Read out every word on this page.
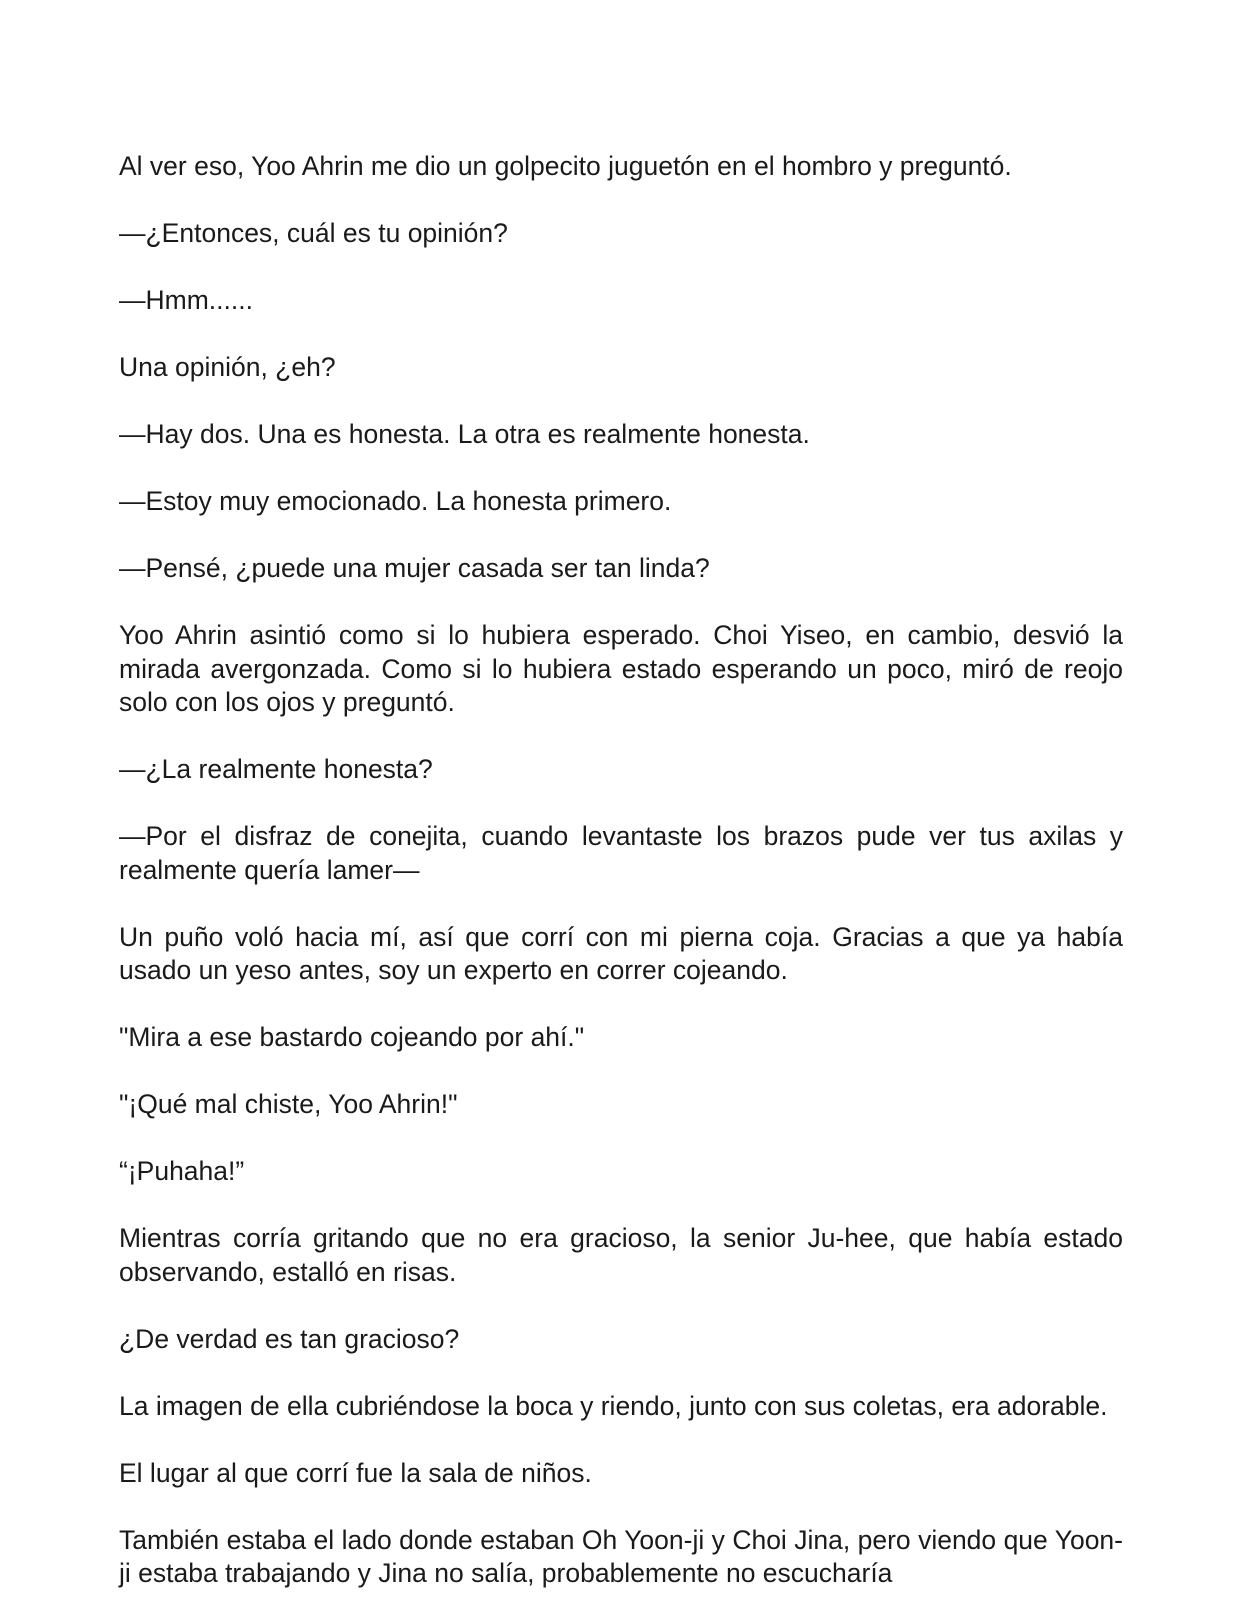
Al ver eso, Yoo Ahrin me dio un golpecito juguetón en el hombro y preguntó.

—¿Entonces, cuál es tu opinión?

—Hmm......

Una opinión, ¿eh?

—Hay dos. Una es honesta. La otra es realmente honesta.

—Estoy muy emocionado. La honesta primero.

—Pensé, ¿puede una mujer casada ser tan linda?

Yoo Ahrin asintió como si lo hubiera esperado. Choi Yiseo, en cambio, desvió la mirada avergonzada. Como si lo hubiera estado esperando un poco, miró de reojo solo con los ojos y preguntó.

—¿La realmente honesta?

—Por el disfraz de conejita, cuando levantaste los brazos pude ver tus axilas y realmente quería lamer—

Un puño voló hacia mí, así que corrí con mi pierna coja. Gracias a que ya había usado un yeso antes, soy un experto en correr cojeando.

"Mira a ese bastardo cojeando por ahí."

"¡Qué mal chiste, Yoo Ahrin!"

“¡Puhaha!”

Mientras corría gritando que no era gracioso, la senior Ju-hee, que había estado observando, estalló en risas.

¿De verdad es tan gracioso?

La imagen de ella cubriéndose la boca y riendo, junto con sus coletas, era adorable.

El lugar al que corrí fue la sala de niños.

También estaba el lado donde estaban Oh Yoon-ji y Choi Jina, pero viendo que Yoon-ji estaba trabajando y Jina no salía, probablemente no escucharía
